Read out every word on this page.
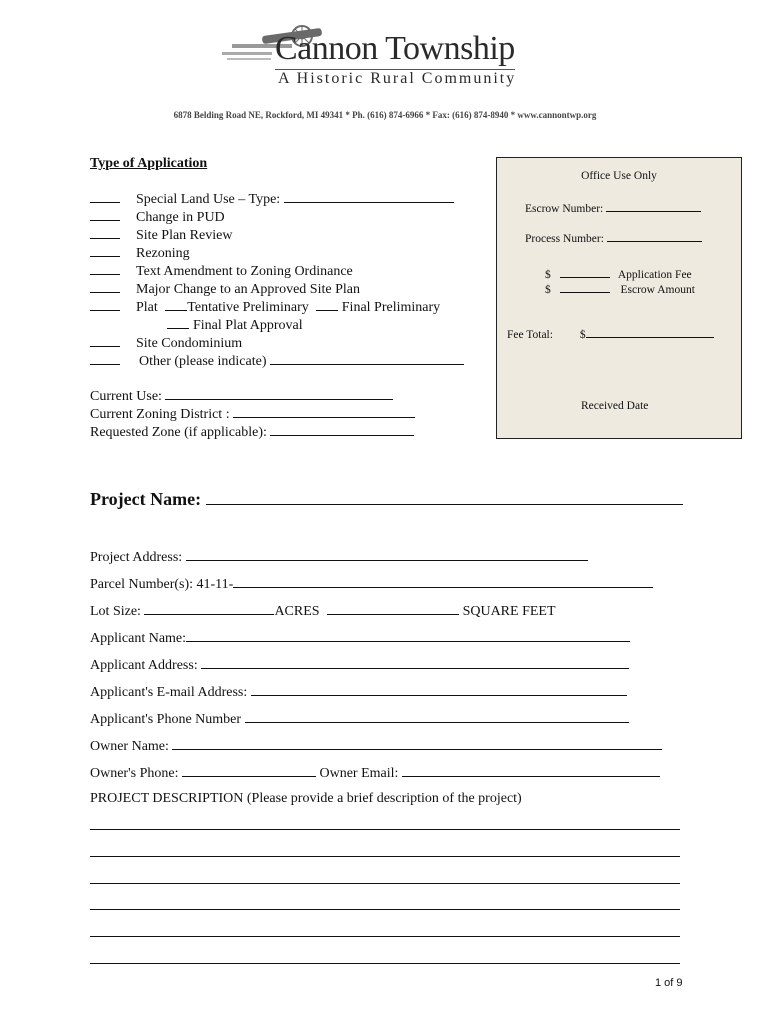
Cannon Township
A Historic Rural Community
6878 Belding Road NE, Rockford, MI 49341 * Ph. (616) 874-6966 * Fax: (616) 874-8940 * www.cannontwp.org
Type of Application
Special Land Use – Type:
Change in PUD
Site Plan Review
Rezoning
Text Amendment to Zoning Ordinance
Major Change to an Approved Site Plan
Plat Tentative Preliminary Final Preliminary
Final Plat Approval
Site Condominium
Other (please indicate)
Current Use:
Current Zoning District :
Requested Zone (if applicable):
Office Use Only
Escrow Number:
Process Number:
$	Application Fee
$	Escrow Amount
Fee Total: $
Received Date
Project Name:
Project Address:
Parcel Number(s): 41-11-
Lot Size:	ACRES	SQUARE FEET
Applicant Name:
Applicant Address:
Applicant's E-mail Address:
Applicant's Phone Number
Owner Name:
Owner's Phone:	Owner Email:
PROJECT DESCRIPTION (Please provide a brief description of the project)
1 of 9
